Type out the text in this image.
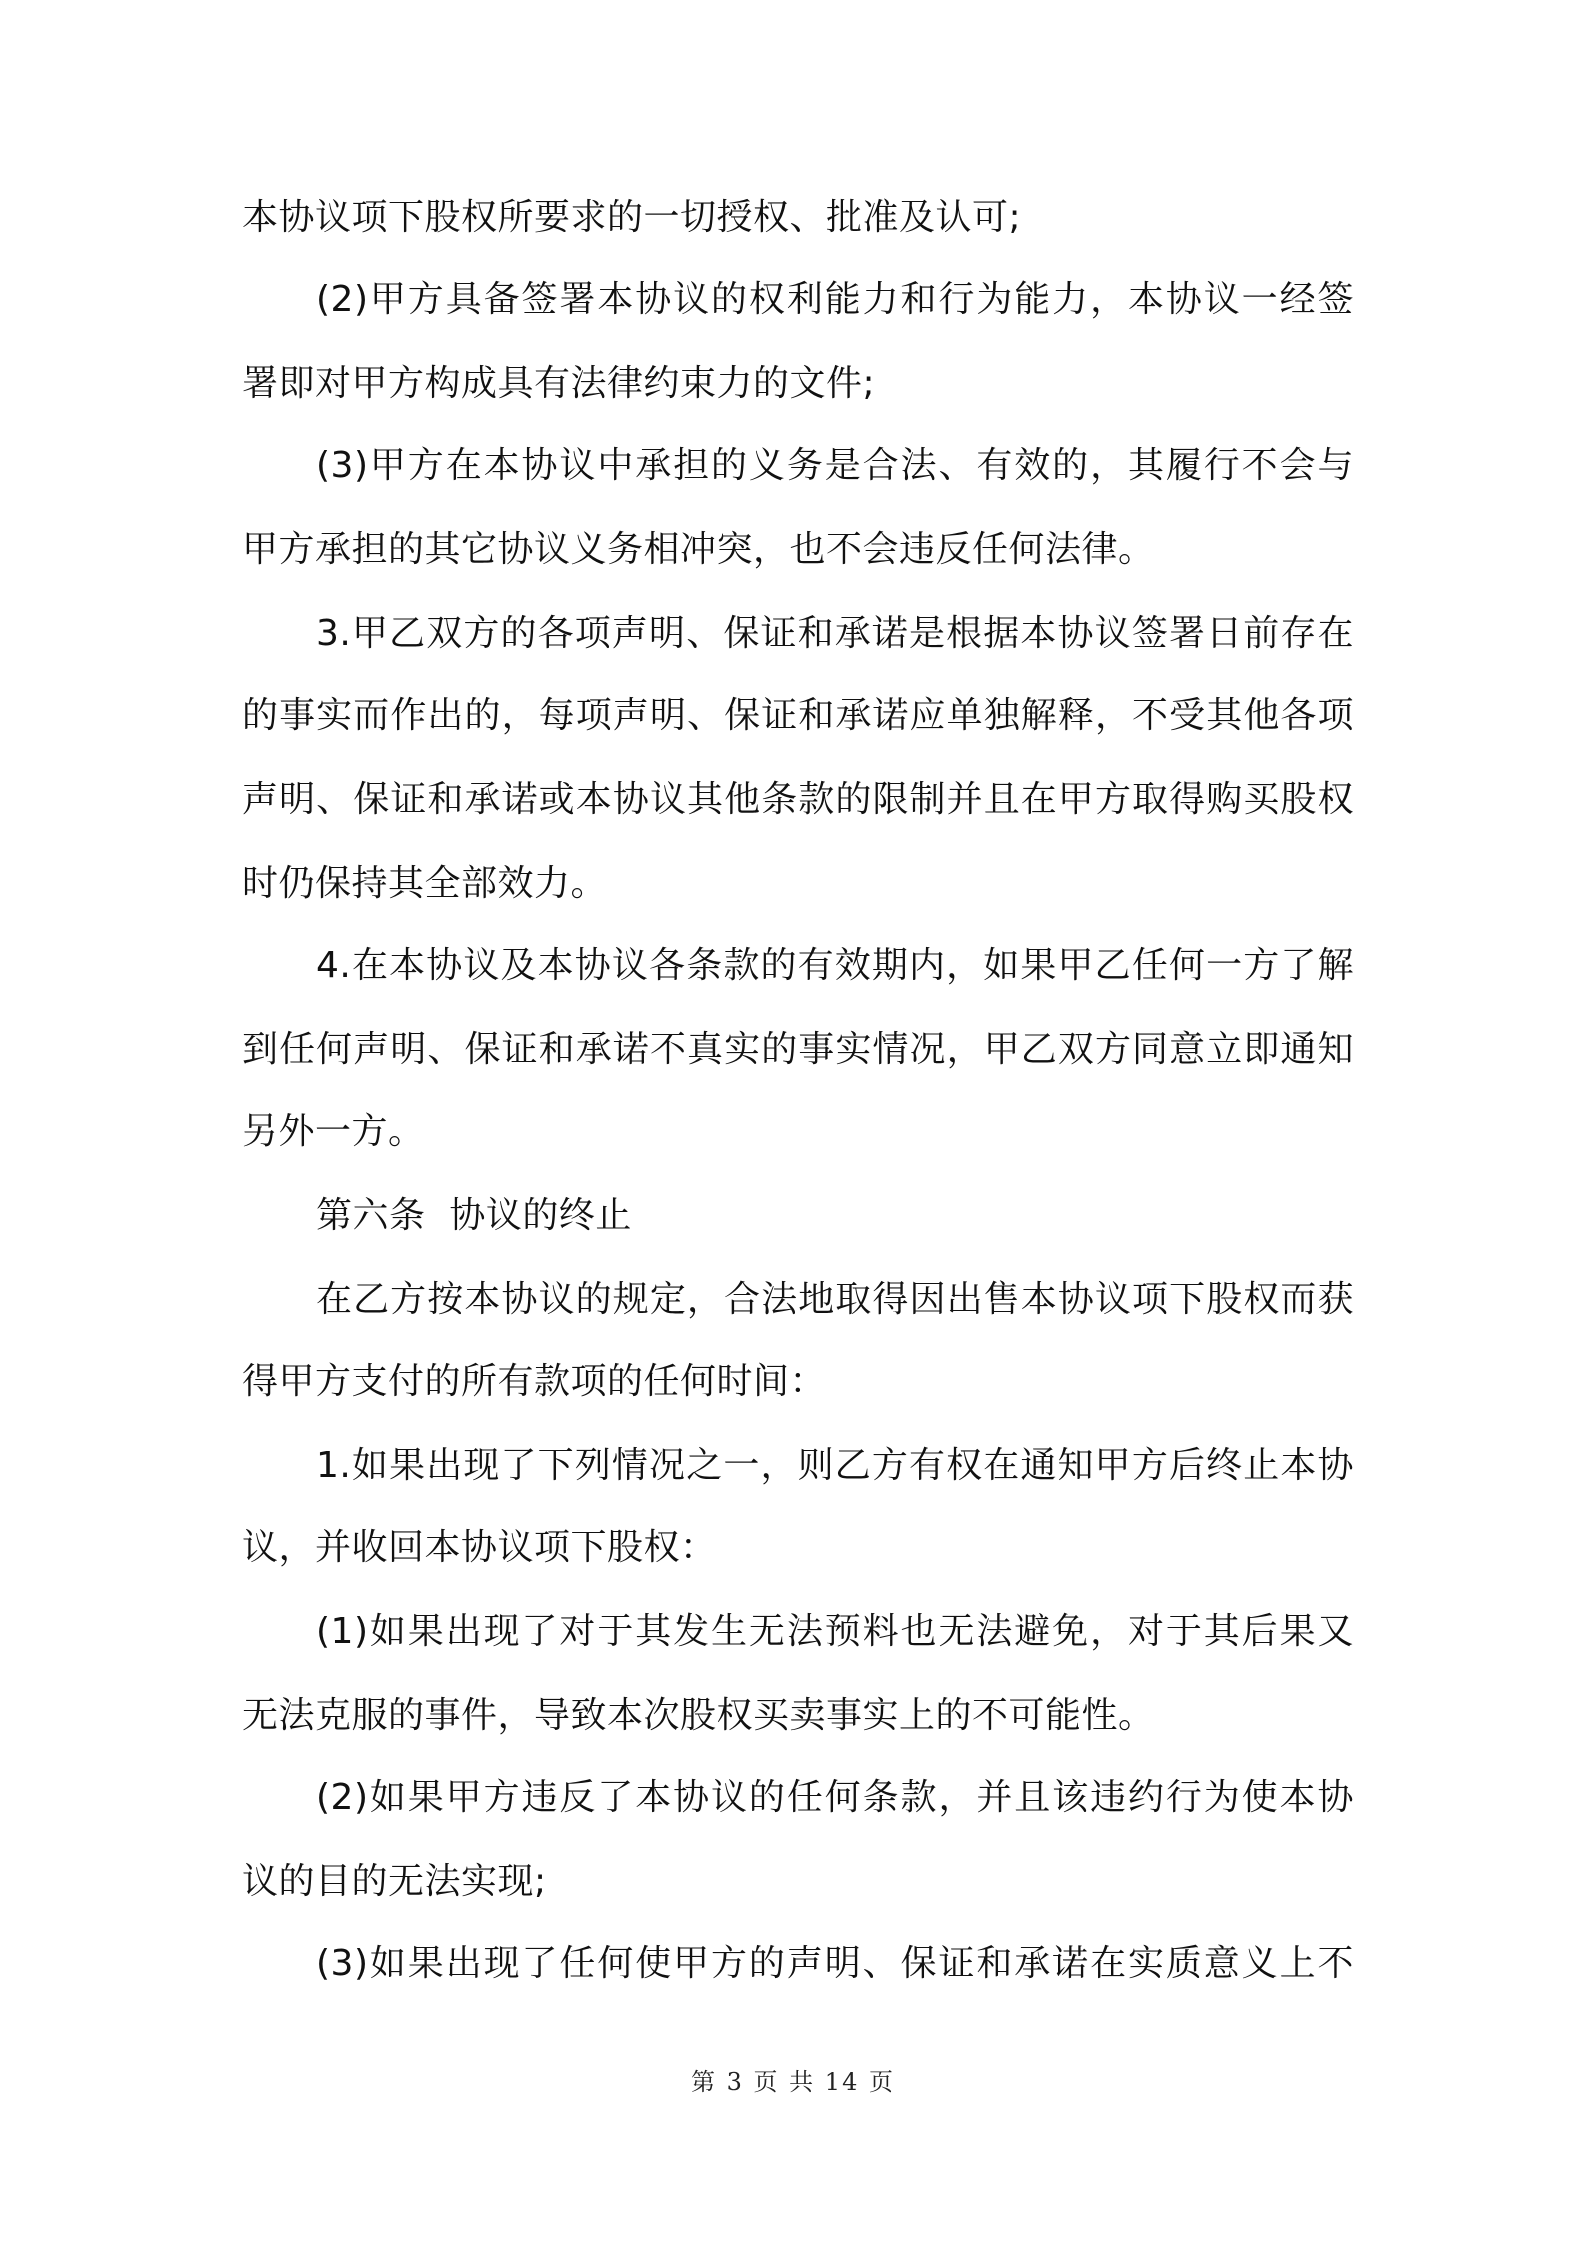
本协议项下股权所要求的一切授权、批准及认可;
(2)甲方具备签署本协议的权利能力和行为能力，本协议一经签
署即对甲方构成具有法律约束力的文件;
(3)甲方在本协议中承担的义务是合法、有效的，其履行不会与
甲方承担的其它协议义务相冲突，也不会违反任何法律。
3.甲乙双方的各项声明、保证和承诺是根据本协议签署日前存在
的事实而作出的，每项声明、保证和承诺应单独解释，不受其他各项
声明、保证和承诺或本协议其他条款的限制并且在甲方取得购买股权
时仍保持其全部效力。
4.在本协议及本协议各条款的有效期内，如果甲乙任何一方了解
到任何声明、保证和承诺不真实的事实情况，甲乙双方同意立即通知
另外一方。
第六条  协议的终止
在乙方按本协议的规定，合法地取得因出售本协议项下股权而获
得甲方支付的所有款项的任何时间：
1.如果出现了下列情况之一，则乙方有权在通知甲方后终止本协
议，并收回本协议项下股权：
(1)如果出现了对于其发生无法预料也无法避免，对于其后果又
无法克服的事件，导致本次股权买卖事实上的不可能性。
(2)如果甲方违反了本协议的任何条款，并且该违约行为使本协
议的目的无法实现;
(3)如果出现了任何使甲方的声明、保证和承诺在实质意义上不
第 3 页 共 14 页
